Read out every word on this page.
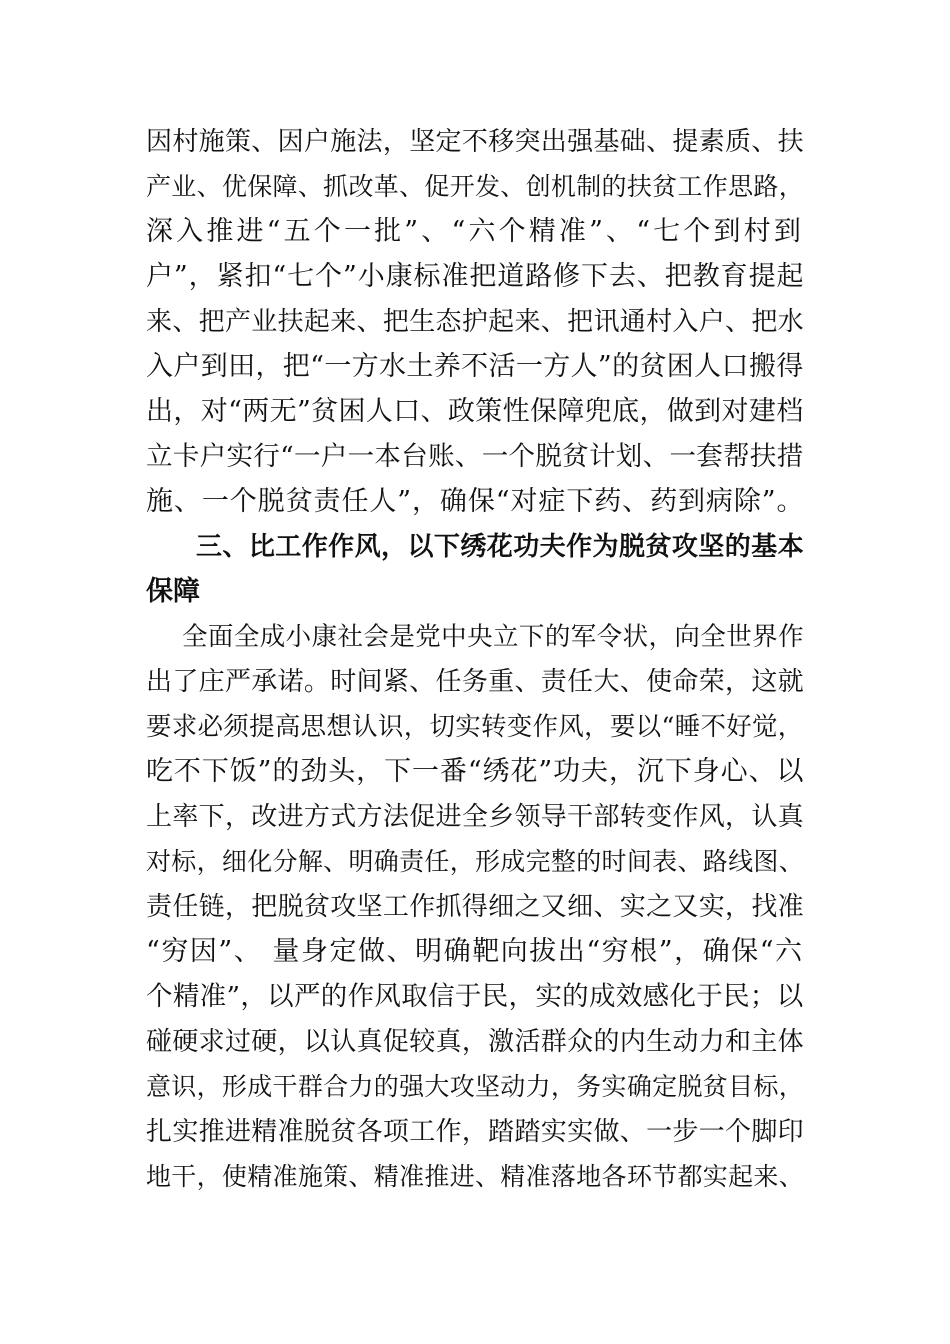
因村施策、因户施法，坚定不移突出强基础、提素质、扶
产业、优保障、抓改革、促开发、创机制的扶贫工作思路，
深入推进“五个一批”、“六个精准”、“七个到村到
户”，紧扣“七个”小康标准把道路修下去、把教育提起
来、把产业扶起来、把生态护起来、把讯通村入户、把水
入户到田，把“一方水土养不活一方人”的贫困人口搬得
出，对“两无”贫困人口、政策性保障兜底，做到对建档
立卡户实行“一户一本台账、一个脱贫计划、一套帮扶措
施、一个脱贫责任人”，确保“对症下药、药到病除”。
三、比工作作风，以下绣花功夫作为脱贫攻坚的基本
保障
全面全成小康社会是党中央立下的军令状，向全世界作
出了庄严承诺。时间紧、任务重、责任大、使命荣，这就
要求必须提高思想认识，切实转变作风，要以“睡不好觉，
吃不下饭”的劲头，下一番“绣花”功夫，沉下身心、以
上率下，改进方式方法促进全乡领导干部转变作风，认真
对标，细化分解、明确责任，形成完整的时间表、路线图、
责任链，把脱贫攻坚工作抓得细之又细、实之又实，找准
“穷因”、 量身定做、明确靶向拔出“穷根”，确保“六
个精准”，以严的作风取信于民，实的成效感化于民；以
碰硬求过硬，以认真促较真，激活群众的内生动力和主体
意识，形成干群合力的强大攻坚动力，务实确定脱贫目标，
扎实推进精准脱贫各项工作，踏踏实实做、一步一个脚印
地干，使精准施策、精准推进、精准落地各环节都实起来、
